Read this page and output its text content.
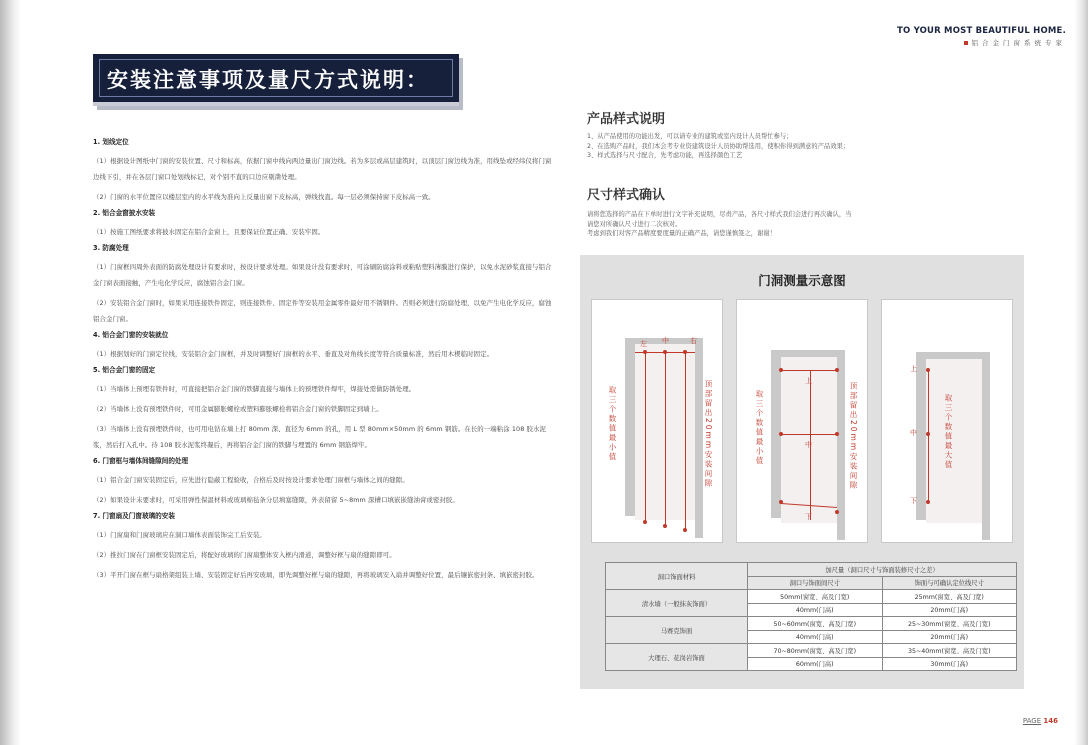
TO YOUR MOST BEAUTIFUL HOME.
铝合金门窗系统专家
安装注意事项及量尺方式说明：
1. 划线定位
（1）根据设计图纸中门窗的安装位置、尺寸和标高，依据门窗中线向两边量出门窗边线。若为多层或高层建筑时，以顶层门窗边线为准，用线坠或经纬仪将门窗边线下引，并在各层门窗口处划线标记，对个别不直的口边应剔凿处理。
（2）门窗的水平位置应以楼层室内的水平线为准向上反量出窗下皮标高，弹线找直。每一层必须保持窗下皮标高一致。
2. 铝合金窗披水安装
（1）按施工图纸要求将披水固定在铝合金窗上，且要保证位置正确、安装牢固。
3. 防腐处理
（1）门窗框四周外表面的防腐处理设计有要求时，按设计要求处理。如果设计没有要求时，可涂刷防腐涂料或粘贴塑料薄膜进行保护，以免水泥砂浆直接与铝合金门窗表面接触，产生电化学反应，腐蚀铝合金门窗。
（2）安装铝合金门窗时，如果采用连接铁件固定，则连接铁件、固定件等安装用金属零件最好用不锈钢件。否则必须进行防腐处理，以免产生电化学反应，腐蚀铝合金门窗。
4. 铝合金门窗的安装就位
（1）根据划好的门窗定位线，安装铝合金门窗框，并及时调整好门窗框的水平、垂直及对角线长度等符合质量标准，然后用木楔临时固定。
5. 铝合金门窗的固定
（1）当墙体上预埋有铁件时，可直接把铝合金门窗的铁脚直接与墙体上的预埋铁件焊牢，焊接处需做防锈处理。
（2）当墙体上没有预埋铁件时，可用金属膨胀螺栓或塑料膨胀螺栓将铝合金门窗的铁脚固定到墙上。
（3）当墙体上没有预埋铁件时，也可用电钻在墙上打 80mm 深、直径为 6mm 的孔，用 L 型 80mm×50mm 的 6mm 钢筋。在长的一端粘涂 108 胶水泥浆，然后打入孔中。待 108 胶水泥浆终凝后，再将铝合金门窗的铁脚与埋置的 6mm 钢筋焊牢。
6. 门窗框与墙体间缝隙间的处理
（1）铝合金门窗安装固定后，应先进行隐蔽工程验收，合格后及时按设计要求处理门窗框与墙体之间的缝隙。
（2）如果设计未要求时，可采用弹性保温材料或玻璃棉毡条分层填塞缝隙，外表留留 5~8mm 深槽口填嵌嵌缝油膏或密封胶。
7. 门窗扇及门窗玻璃的安装
（1）门窗扇和门窗玻璃应在洞口墙体表面装饰完工后安装。
（2）推拉门窗在门窗框安装固定后，将配好玻璃的门窗扇整体安入框内滑道，调整好框与扇的缝隙即可。
（3）平开门窗在框与扇格架组装上墙、安装固定好后再安玻璃，即先调整好框与扇的缝隙，再将玻璃安入扇并调整好位置，最后镶嵌密封条、填嵌密封胶。
产品样式说明
1、从产品使用的功能出发，可以请专业的建筑或室内设计人员帮忙参与；
2、在选购产品时，我们本会考专业资建筑设计人员协助帮选用，使积你得到满意的产品效果；
3、样式选择与尺寸配合，先考虑功能，再选择颜色工艺
尺寸样式确认
请将您选择的产品在下单时进行文字补充说明，尽责产品，各尺寸样式我们会进行再次确认，当
请您对所确认尺寸进行二次核对。
考虑到我们对客产品精度要度量的正确产品，请您谨慎签之，谢谢！
门洞测量示意图
左 中	右
取三个数值最小值	顶部留出20mm安装间隙	上
中
下
取三个数值最小值	顶部留出20mm安装间隙
上
中
下
取三个数值最大值
洞口饰面材料	加尺量（洞口尺寸与饰面装修尺寸之差）	
	洞口与饰面间尺寸	饰面与可确认定位线尺寸
清水墙（一般抹灰饰面）	50mm(窗宽、高及门宽)	25mm(窗宽、高及门宽)
	40mm(门高)	20mm(门高)
马赛克饰面	50~60mm(窗宽、高及门宽)	25~30mm(窗宽、高及门宽)
	40mm(门高)	20mm(门高)
大理石、花岗岩饰面	70~80mm(窗宽、高及门宽)	35~40mm(窗宽、高及门宽)
	60mm(门高)	30mm(门高)
PAGE 146
